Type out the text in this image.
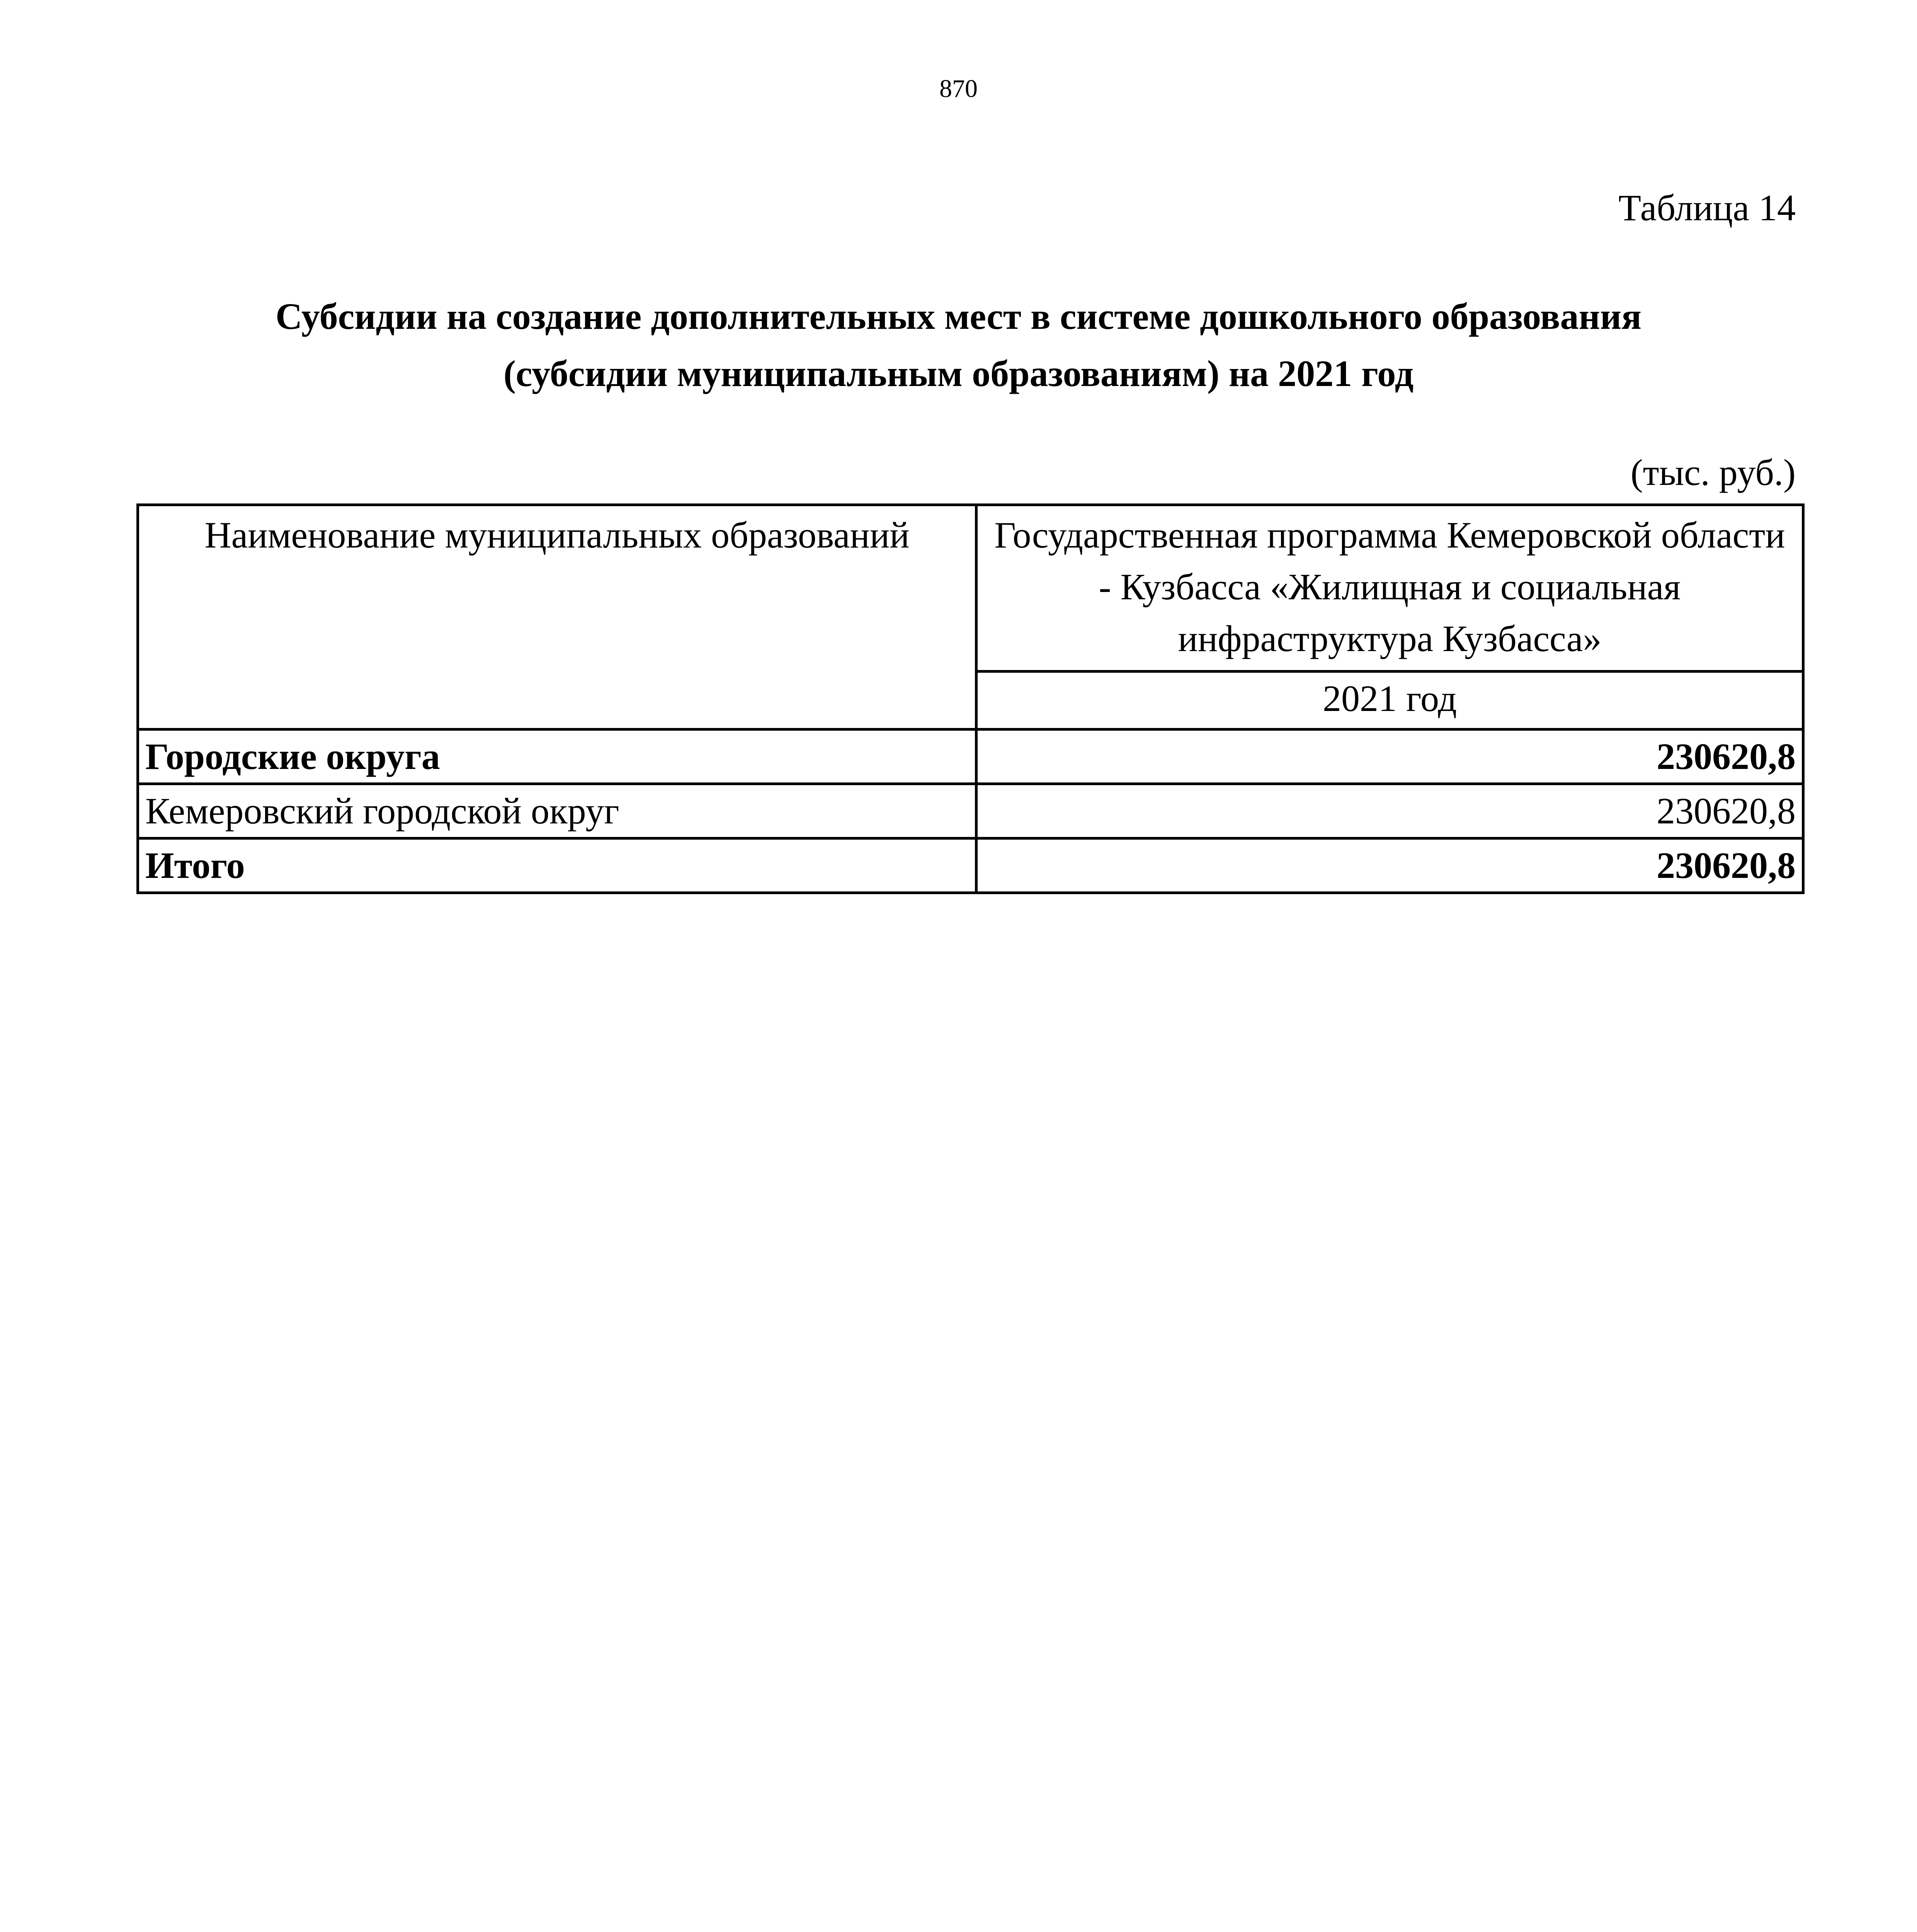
870
Таблица 14
Субсидии на создание дополнительных мест в системе дошкольного образования
(субсидии муниципальным образованиям) на 2021 год
(тыс. руб.)
Наименование муниципальных образований	Государственная программа Кемеровской области - Кузбасса «Жилищная и социальная инфраструктура Кузбасса»
	2021 год
Городские округа	230620,8
Кемеровский городской округ	230620,8
Итого	230620,8
